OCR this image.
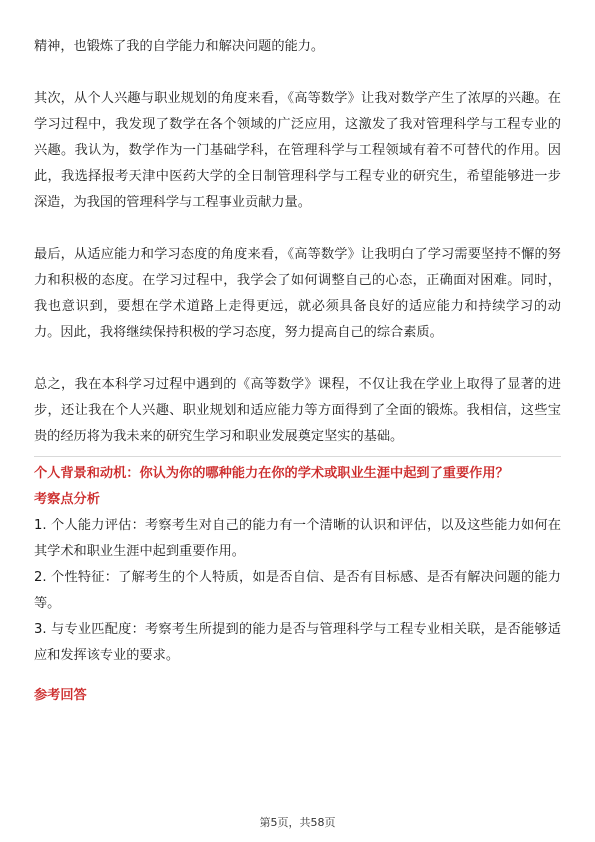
精神，也锻炼了我的自学能力和解决问题的能力。

其次，从个人兴趣与职业规划的角度来看，《高等数学》让我对数学产生了浓厚的兴趣。在学习过程中，我发现了数学在各个领域的广泛应用，这激发了我对管理科学与工程专业的兴趣。我认为，数学作为一门基础学科，在管理科学与工程领域有着不可替代的作用。因此，我选择报考天津中医药大学的全日制管理科学与工程专业的研究生，希望能够进一步深造，为我国的管理科学与工程事业贡献力量。

最后，从适应能力和学习态度的角度来看，《高等数学》让我明白了学习需要坚持不懈的努力和积极的态度。在学习过程中，我学会了如何调整自己的心态，正确面对困难。同时，我也意识到，要想在学术道路上走得更远，就必须具备良好的适应能力和持续学习的动力。因此，我将继续保持积极的学习态度，努力提高自己的综合素质。

总之，我在本科学习过程中遇到的《高等数学》课程，不仅让我在学业上取得了显著的进步，还让我在个人兴趣、职业规划和适应能力等方面得到了全面的锻炼。我相信，这些宝贵的经历将为我未来的研究生学习和职业发展奠定坚实的基础。

个人背景和动机：你认为你的哪种能力在你的学术或职业生涯中起到了重要作用？

考察点分析

1. 个人能力评估：考察考生对自己的能力有一个清晰的认识和评估，以及这些能力如何在其学术和职业生涯中起到重要作用。

2. 个性特征：了解考生的个人特质，如是否自信、是否有目标感、是否有解决问题的能力等。

3. 与专业匹配度：考察考生所提到的能力是否与管理科学与工程专业相关联，是否能够适应和发挥该专业的要求。

参考回答

第5页，共58页
